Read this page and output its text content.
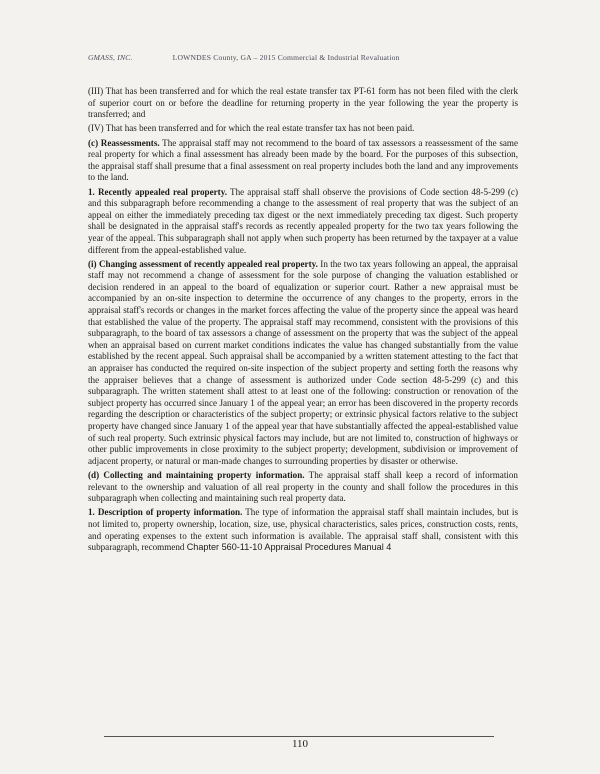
GMASS, INC.	LOWNDES County, GA – 2015 Commercial & Industrial Revaluation

(III) That has been transferred and for which the real estate transfer tax PT-61 form has not been filed with the clerk of superior court on or before the deadline for returning property in the year following the year the property is transferred; and

(IV) That has been transferred and for which the real estate transfer tax has not been paid.

(c) Reassessments. The appraisal staff may not recommend to the board of tax assessors a reassessment of the same real property for which a final assessment has already been made by the board. For the purposes of this subsection, the appraisal staff shall presume that a final assessment on real property includes both the land and any improvements to the land.

1. Recently appealed real property. The appraisal staff shall observe the provisions of Code section 48-5-299 (c) and this subparagraph before recommending a change to the assessment of real property that was the subject of an appeal on either the immediately preceding tax digest or the next immediately preceding tax digest. Such property shall be designated in the appraisal staff's records as recently appealed property for the two tax years following the year of the appeal. This subparagraph shall not apply when such property has been returned by the taxpayer at a value different from the appeal-established value.

(i) Changing assessment of recently appealed real property. In the two tax years following an appeal, the appraisal staff may not recommend a change of assessment for the sole purpose of changing the valuation established or decision rendered in an appeal to the board of equalization or superior court. Rather a new appraisal must be accompanied by an on-site inspection to determine the occurrence of any changes to the property, errors in the appraisal staff's records or changes in the market forces affecting the value of the property since the appeal was heard that established the value of the property. The appraisal staff may recommend, consistent with the provisions of this subparagraph, to the board of tax assessors a change of assessment on the property that was the subject of the appeal when an appraisal based on current market conditions indicates the value has changed substantially from the value established by the recent appeal. Such appraisal shall be accompanied by a written statement attesting to the fact that an appraiser has conducted the required on-site inspection of the subject property and setting forth the reasons why the appraiser believes that a change of assessment is authorized under Code section 48-5-299 (c) and this subparagraph. The written statement shall attest to at least one of the following: construction or renovation of the subject property has occurred since January 1 of the appeal year; an error has been discovered in the property records regarding the description or characteristics of the subject property; or extrinsic physical factors relative to the subject property have changed since January 1 of the appeal year that have substantially affected the appeal-established value of such real property. Such extrinsic physical factors may include, but are not limited to, construction of highways or other public improvements in close proximity to the subject property; development, subdivision or improvement of adjacent property, or natural or man-made changes to surrounding properties by disaster or otherwise.

(d) Collecting and maintaining property information. The appraisal staff shall keep a record of information relevant to the ownership and valuation of all real property in the county and shall follow the procedures in this subparagraph when collecting and maintaining such real property data.

1. Description of property information. The type of information the appraisal staff shall maintain includes, but is not limited to, property ownership, location, size, use, physical characteristics, sales prices, construction costs, rents, and operating expenses to the extent such information is available. The appraisal staff shall, consistent with this subparagraph, recommend Chapter 560-11-10 Appraisal Procedures Manual 4

110
